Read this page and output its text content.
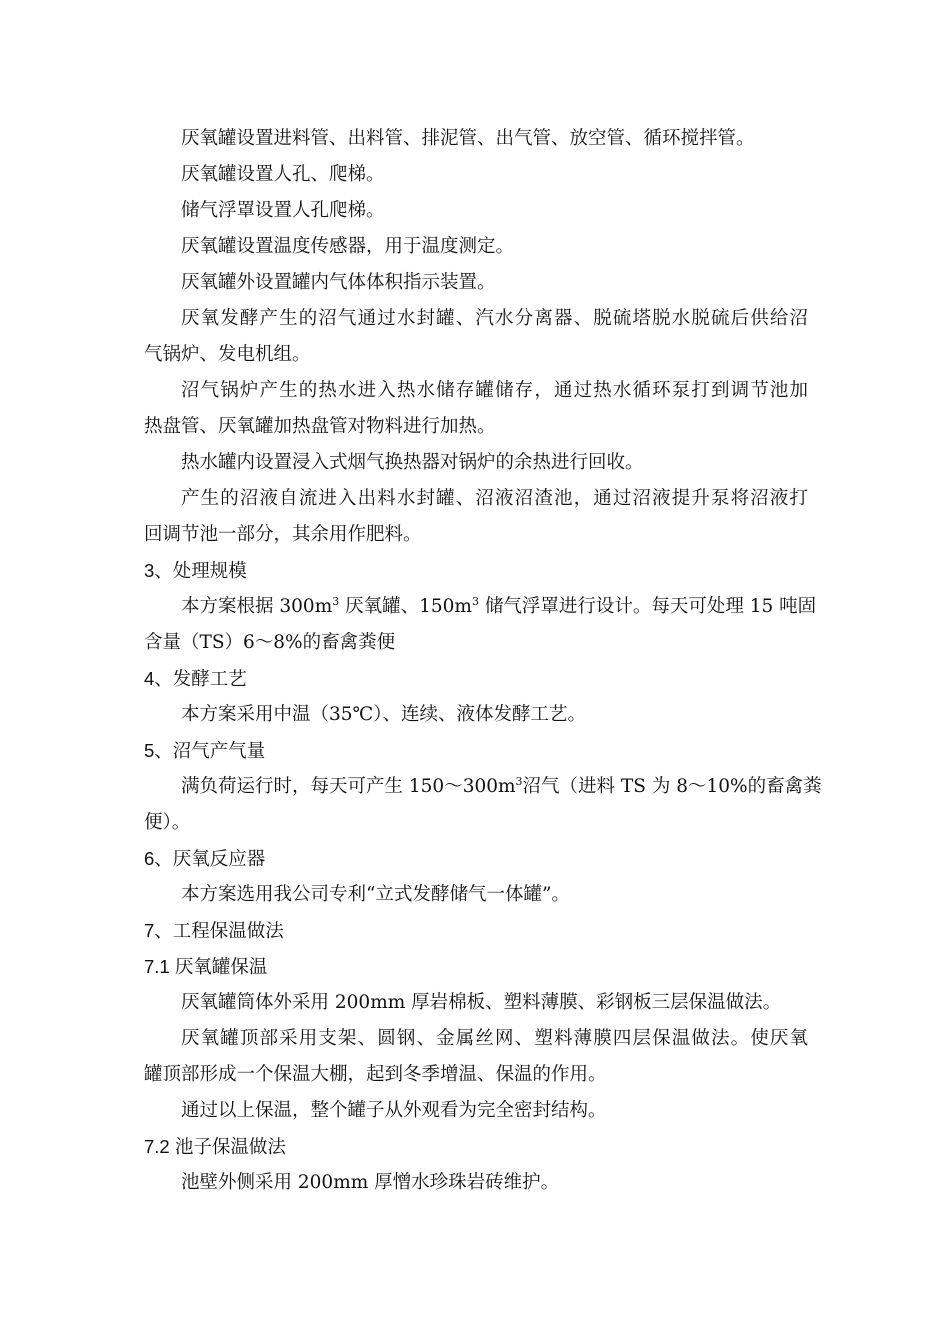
厌氧罐设置进料管、出料管、排泥管、出气管、放空管、循环搅拌管。
厌氧罐设置人孔、爬梯。
储气浮罩设置人孔爬梯。
厌氧罐设置温度传感器，用于温度测定。
厌氧罐外设置罐内气体体积指示装置。
厌氧发酵产生的沼气通过水封罐、汽水分离器、脱硫塔脱水脱硫后供给沼
气锅炉、发电机组。
沼气锅炉产生的热水进入热水储存罐储存，通过热水循环泵打到调节池加
热盘管、厌氧罐加热盘管对物料进行加热。
热水罐内设置浸入式烟气换热器对锅炉的余热进行回收。
产生的沼液自流进入出料水封罐、沼液沼渣池，通过沼液提升泵将沼液打
回调节池一部分，其余用作肥料。
3、处理规模
本方案根据 $300m^3$ 厌氧罐、$150m^3$ 储气浮罩进行设计。每天可处理 15 吨固
含量（TS）6～8%的畜禽粪便
4、发酵工艺
本方案采用中温（35℃）、连续、液体发酵工艺。
5、沼气产气量
满负荷运行时，每天可产生 $150\sim 300m^3$沼气（进料 TS 为 8～10%的畜禽粪
便）。
6、厌氧反应器
本方案选用我公司专利“立式发酵储气一体罐”。
7、工程保温做法
7.1 厌氧罐保温
厌氧罐筒体外采用 200mm 厚岩棉板、塑料薄膜、彩钢板三层保温做法。
厌氧罐顶部采用支架、圆钢、金属丝网、塑料薄膜四层保温做法。使厌氧
罐顶部形成一个保温大棚，起到冬季增温、保温的作用。
通过以上保温，整个罐子从外观看为完全密封结构。
7.2 池子保温做法
池壁外侧采用 200mm 厚憎水珍珠岩砖维护。
